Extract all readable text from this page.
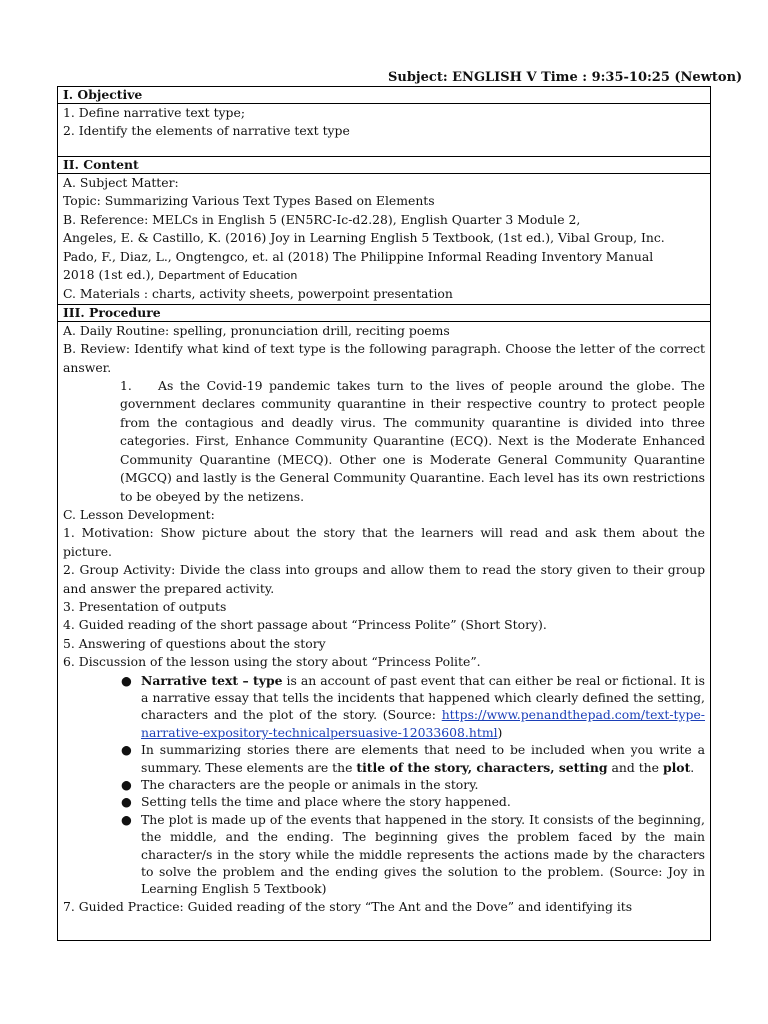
Subject: ENGLISH V Time : 9:35-10:25 (Newton)
I. Objective

1. Define narrative text type;
2. Identify the elements of narrative text type

II. Content

A. Subject Matter:
Topic: Summarizing Various Text Types Based on Elements
B. Reference: MELCs in English 5 (EN5RC-Ic-d2.28), English Quarter 3 Module 2,
Angeles, E. & Castillo, K. (2016) Joy in Learning English 5 Textbook, (1st ed.), Vibal Group, Inc.
Pado, F., Diaz, L., Ongtengco, et. al (2018) The Philippine Informal Reading Inventory Manual
2018 (1st ed.), Department of Education
C. Materials : charts, activity sheets, powerpoint presentation

III. Procedure

A. Daily Routine: spelling, pronunciation drill, reciting poems
B. Review: Identify what kind of text type is the following paragraph. Choose the letter of the correct answer.
1. As the Covid-19 pandemic takes turn to the lives of people around the globe. The government declares community quarantine in their respective country to protect people from the contagious and deadly virus. The community quarantine is divided into three categories. First, Enhance Community Quarantine (ECQ). Next is the Moderate Enhanced Community Quarantine (MECQ). Other one is Moderate General Community Quarantine (MGCQ) and lastly is the General Community Quarantine. Each level has its own restrictions to be obeyed by the netizens.
C. Lesson Development:
1. Motivation: Show picture about the story that the learners will read and ask them about the picture.
2. Group Activity: Divide the class into groups and allow them to read the story given to their group and answer the prepared activity.
3. Presentation of outputs
4. Guided reading of the short passage about “Princess Polite” (Short Story).
5. Answering of questions about the story
6. Discussion of the lesson using the story about “Princess Polite”.
● Narrative text – type is an account of past event that can either be real or fictional. It is a narrative essay that tells the incidents that happened which clearly defined the setting, characters and the plot of the story. (Source: https://www.penandthepad.com/text-type-narrative-expository-technicalpersuasive-12033608.html)
● In summarizing stories there are elements that need to be included when you write a summary. These elements are the title of the story, characters, setting and the plot.
● The characters are the people or animals in the story.
● Setting tells the time and place where the story happened.
● The plot is made up of the events that happened in the story. It consists of the beginning, the middle, and the ending. The beginning gives the problem faced by the main character/s in the story while the middle represents the actions made by the characters to solve the problem and the ending gives the solution to the problem. (Source: Joy in Learning English 5 Textbook)
7. Guided Practice: Guided reading of the story “The Ant and the Dove” and identifying its
